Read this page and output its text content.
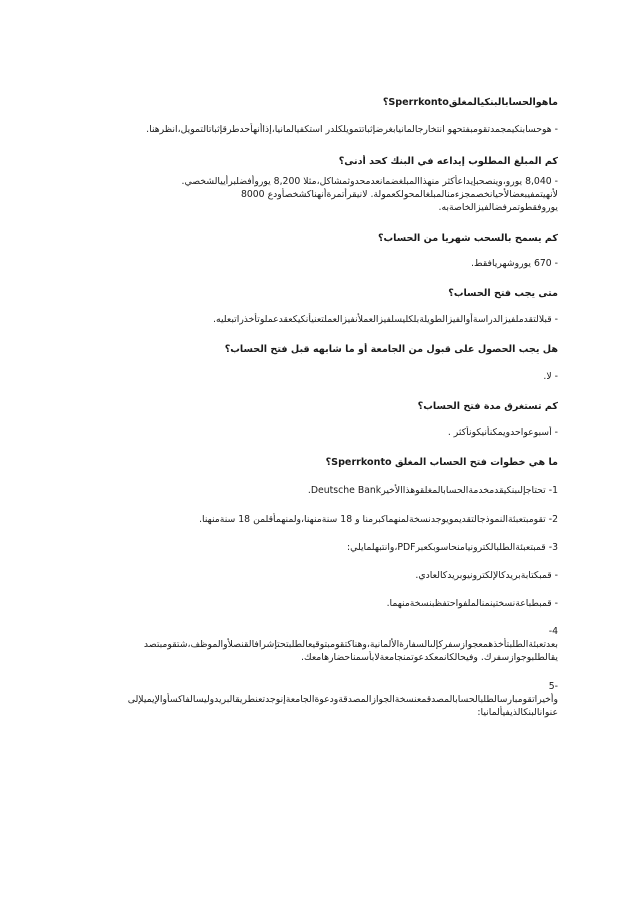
ماهوالحسابالبنكيالمغلقSperrkonto؟
- هوحسابنكيمجمدتقومبفتحهو انتخارجالمانيابغرضإثباتتمويلكلدر استكفيالمانيا،إذاأنهأحدطرقإثباتالتمويل،انظرهنا.
كم المبلغ المطلوب إيداعه في البنك كحد أدنى؟
- 8,040 يورو،وينصحبإيداعأكثر منهذاالمبلغضمانعدمحدوثمشاكل،مثلا 8,200 يوروأفضلبرأييالشخصي.
لأنهيتمفيبعضالأحيانخصمجزءمنالمبلغالمحولكعمولة. لانيقرأتمرةأنهناكشخصأودع 8000
يوروفقطوتمرفضالفيزالخاصةبه.
كم يسمح بالسحب شهريا من الحساب؟
- 670 يوروشهريافقط.
متى يجب فتح الحساب؟
- قبلالتقدملفيزالدراسةأوالفيزالطويلةبلكليسلفيزالعملأنفيزالعملتعنيأنكيكعقدعملوتأخذراتبعليه.
هل يجب الحصول على قبول من الجامعة أو ما شابهه قبل فتح الحساب؟
- لا.
كم تستغرق مدة فتح الحساب؟
- أسبوعواحدويمكنأنيكونأكثر .
ما هي خطوات فتح الحساب المغلق Sperrkonto؟
1- تحتاجإلىبنكيقدمخدمةالحسابالمغلقوهذاالأخيرDeutsche Bank.
2- تقومبتعبئةالنموذجالتقديمويوجدنسخةلمنهماكبرمنا و 18 سنةمنهنا،ولمنهمأقلمن 18 سنةمنهنا.
3- قمبتعبئةالطلبالكترونيامنحاسوبكعبرPDF،وانتبهلمايلي:
- قمبكتابةبريدكالإلكترونيوبريدكالعادي.
- قمبطباعةنسختينمنالملفواحتفظبنسخةمنهما.
4-
بعدتعبئةالطلبتأخذهمعجوازسفركإلىالسفارةالألمانية،وهناكتقومبتوقيعالطلبتحتإشرافالقنصلأوالموظف،شتقومبتصد
يقالطلبوجوازسفرك. وفيحالكانمعكدعوتمنجامعةلابأسمناحضارهامعك.
-5
وأخيراتقومبارسالطلبالحسابالمصدقمعنسخةالجوازالمصدقةودعوةالجامعةإنوجدتعنطريقالبريدوليسالفاكسأوالإيميلإلى
عنوانالبنكالذيفيألمانيا:
